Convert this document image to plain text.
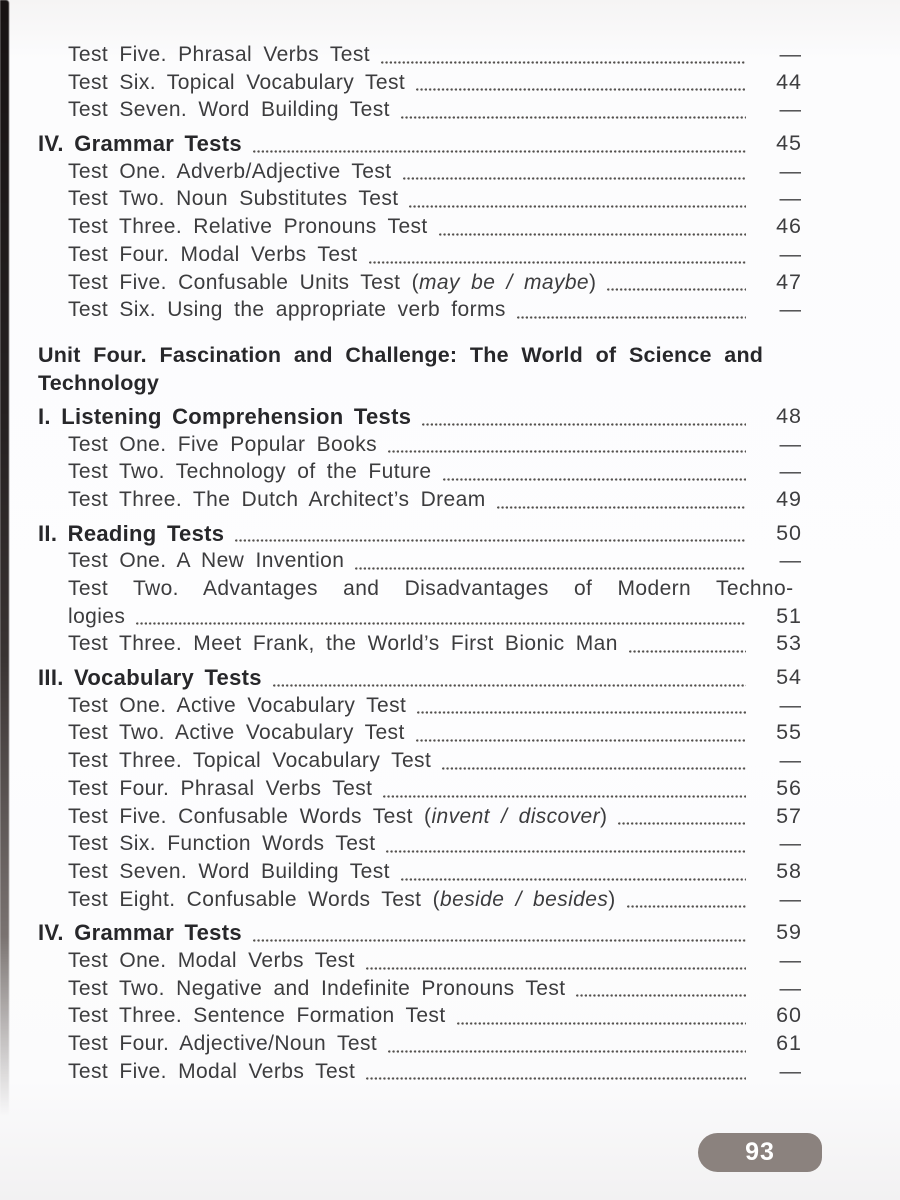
Test Five. Phrasal Verbs Test	—
Test Six. Topical Vocabulary Test	44
Test Seven. Word Building Test	—
IV. Grammar Tests	45
Test One. Adverb/Adjective Test	—
Test Two. Noun Substitutes Test	—
Test Three. Relative Pronouns Test	46
Test Four. Modal Verbs Test	—
Test Five. Confusable Units Test (may be / maybe)	47
Test Six. Using the appropriate verb forms	—
Unit Four. Fascination and Challenge: The World of Science and
Technology
I. Listening Comprehension Tests	48
Test One. Five Popular Books	—
Test Two. Technology of the Future	—
Test Three. The Dutch Architect’s Dream	49
II. Reading Tests	50
Test One. A New Invention	—
Test Two. Advantages and Disadvantages of Modern Techno-
logies	51
Test Three. Meet Frank, the World’s First Bionic Man	53
III. Vocabulary Tests	54
Test One. Active Vocabulary Test	—
Test Two. Active Vocabulary Test	55
Test Three. Topical Vocabulary Test	—
Test Four. Phrasal Verbs Test	56
Test Five. Confusable Words Test (invent / discover)	57
Test Six. Function Words Test	—
Test Seven. Word Building Test	58
Test Eight. Confusable Words Test (beside / besides)	—
IV. Grammar Tests	59
Test One. Modal Verbs Test	—
Test Two. Negative and Indefinite Pronouns Test	—
Test Three. Sentence Formation Test	60
Test Four. Adjective/Noun Test	61
Test Five. Modal Verbs Test	—
93
